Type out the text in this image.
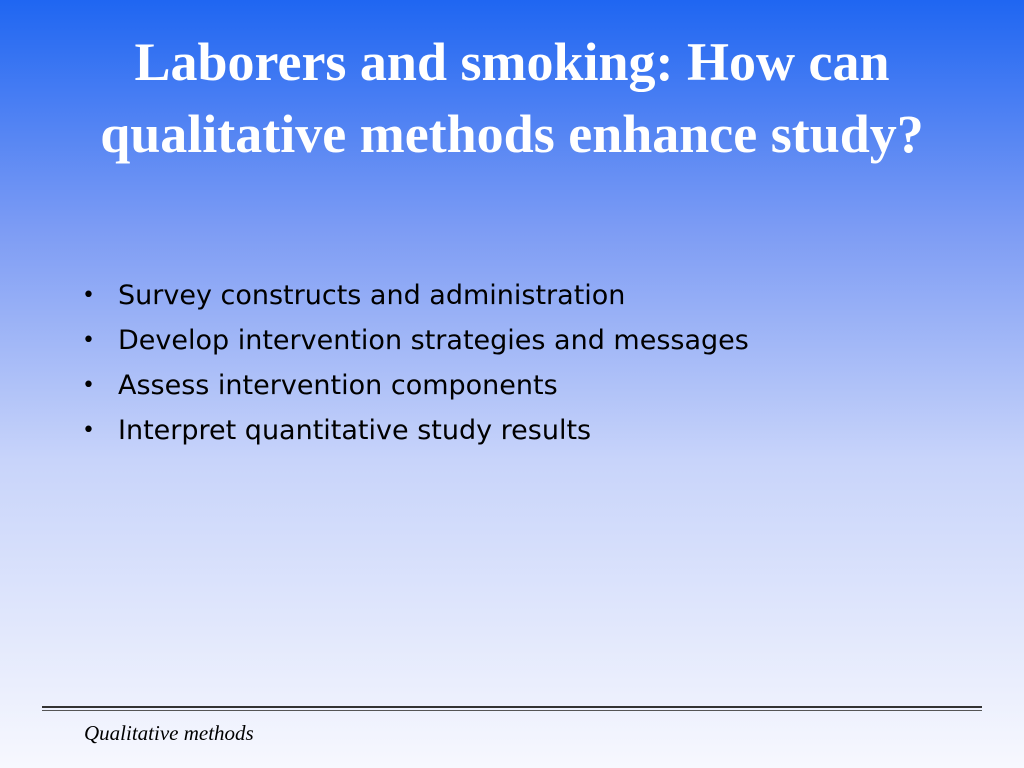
Laborers and smoking: How can qualitative methods enhance study?
• Survey constructs and administration
• Develop intervention strategies and messages
• Assess intervention components
• Interpret quantitative study results
Qualitative methods
